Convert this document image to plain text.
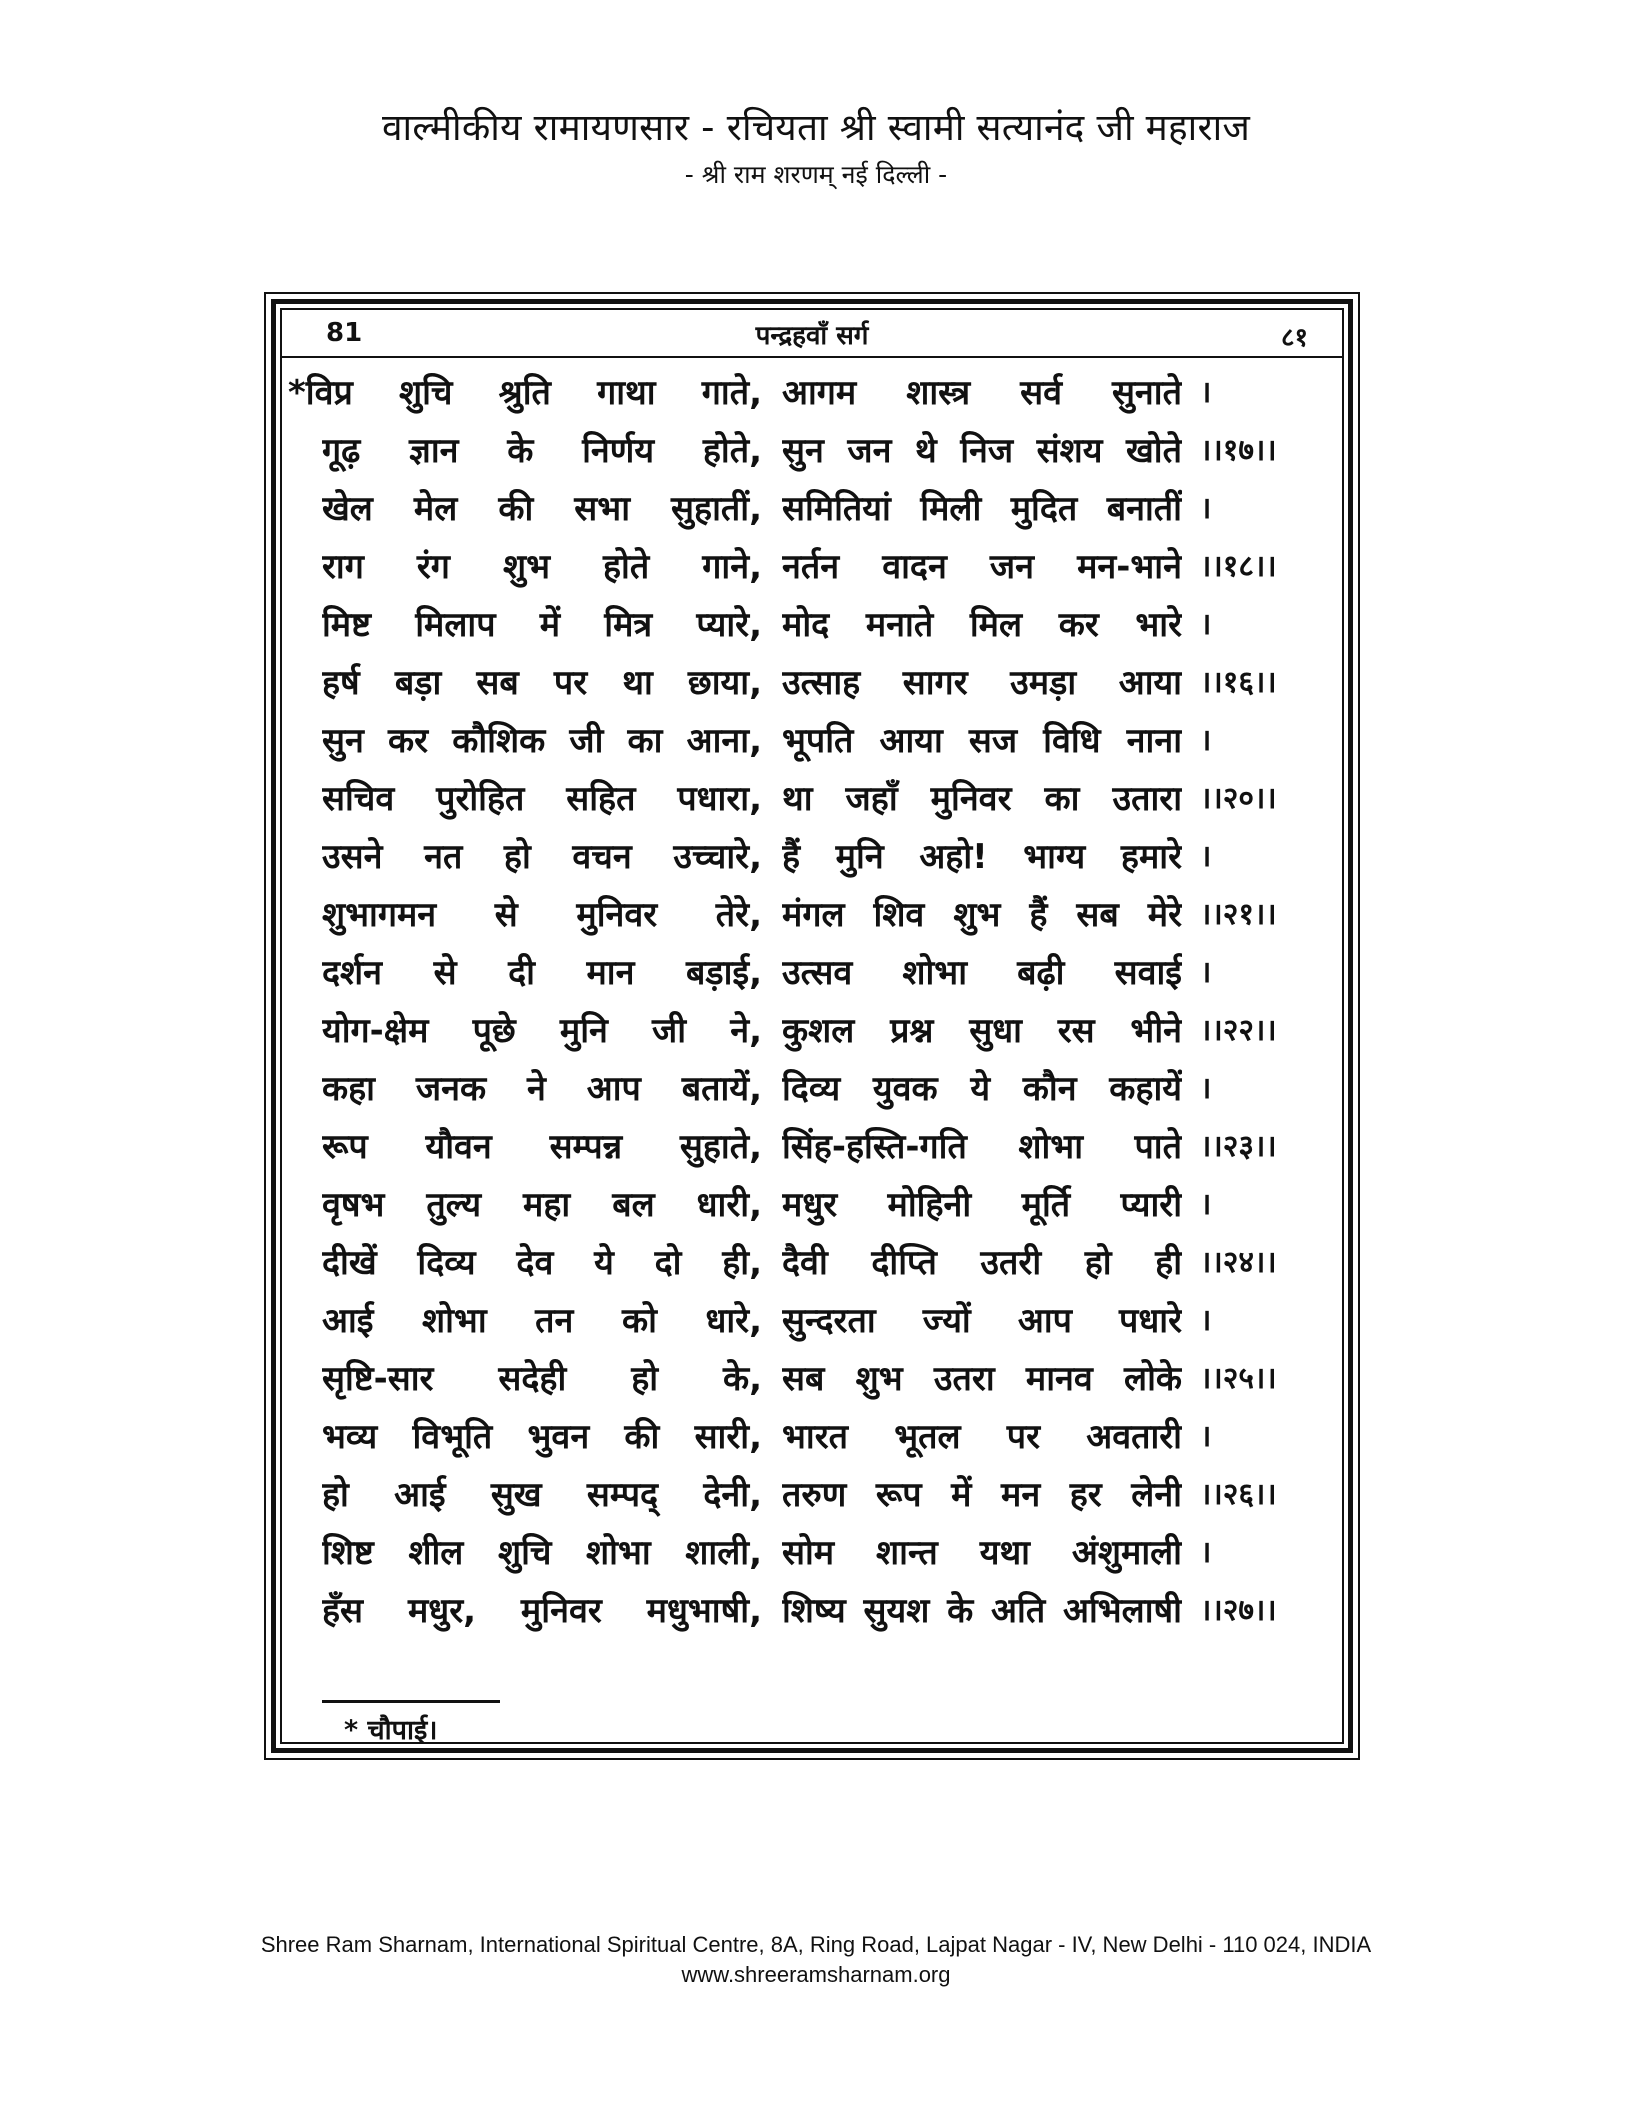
वाल्मीकीय रामायणसार - रचियता श्री स्वामी सत्यानंद जी महाराज
- श्री राम शरणम् नई दिल्ली -
81	पन्द्रहवाँ सर्ग	८१
*विप्र शुचि श्रुति गाथा गाते, आगम शास्त्र सर्व सुनाते ।
गूढ़ ज्ञान के निर्णय होते, सुन जन थे निज संशय खोते ।।१७।।
खेल मेल की सभा सुहातीं, समितियां मिली मुदित बनातीं ।
राग रंग शुभ होते गाने, नर्तन वादन जन मन-भाने ।।१८।।
मिष्ट मिलाप में मित्र प्यारे, मोद मनाते मिल कर भारे ।
हर्ष बड़ा सब पर था छाया, उत्साह सागर उमड़ा आया ।।१६।।
सुन कर कौशिक जी का आना, भूपति आया सज विधि नाना ।
सचिव पुरोहित सहित पधारा, था जहाँ मुनिवर का उतारा ।।२०।।
उसने नत हो वचन उच्चारे, हैं मुनि अहो! भाग्य हमारे ।
शुभागमन से मुनिवर तेरे, मंगल शिव शुभ हैं सब मेरे ।।२१।।
दर्शन से दी मान बड़ाई, उत्सव शोभा बढ़ी सवाई ।
योग-क्षेम पूछे मुनि जी ने, कुशल प्रश्न सुधा रस भीने ।।२२।।
कहा जनक ने आप बतायें, दिव्य युवक ये कौन कहायें ।
रूप यौवन सम्पन्न सुहाते, सिंह-हस्ति-गति शोभा पाते ।।२३।।
वृषभ तुल्य महा बल धारी, मधुर मोहिनी मूर्ति प्यारी ।
दीखें दिव्य देव ये दो ही, दैवी दीप्ति उतरी हो ही ।।२४।।
आई शोभा तन को धारे, सुन्दरता ज्यों आप पधारे ।
सृष्टि-सार सदेही हो के, सब शुभ उतरा मानव लोके ।।२५।।
भव्य विभूति भुवन की सारी, भारत भूतल पर अवतारी ।
हो आई सुख सम्पद् देनी, तरुण रूप में मन हर लेनी ।।२६।।
शिष्ट शील शुचि शोभा शाली, सोम शान्त यथा अंशुमाली ।
हँस मधुर, मुनिवर मधुभाषी, शिष्य सुयश के अति अभिलाषी ।।२७।।
* चौपाई।
Shree Ram Sharnam, International Spiritual Centre, 8A, Ring Road, Lajpat Nagar - IV, New Delhi - 110 024, INDIA
www.shreeramsharnam.org
